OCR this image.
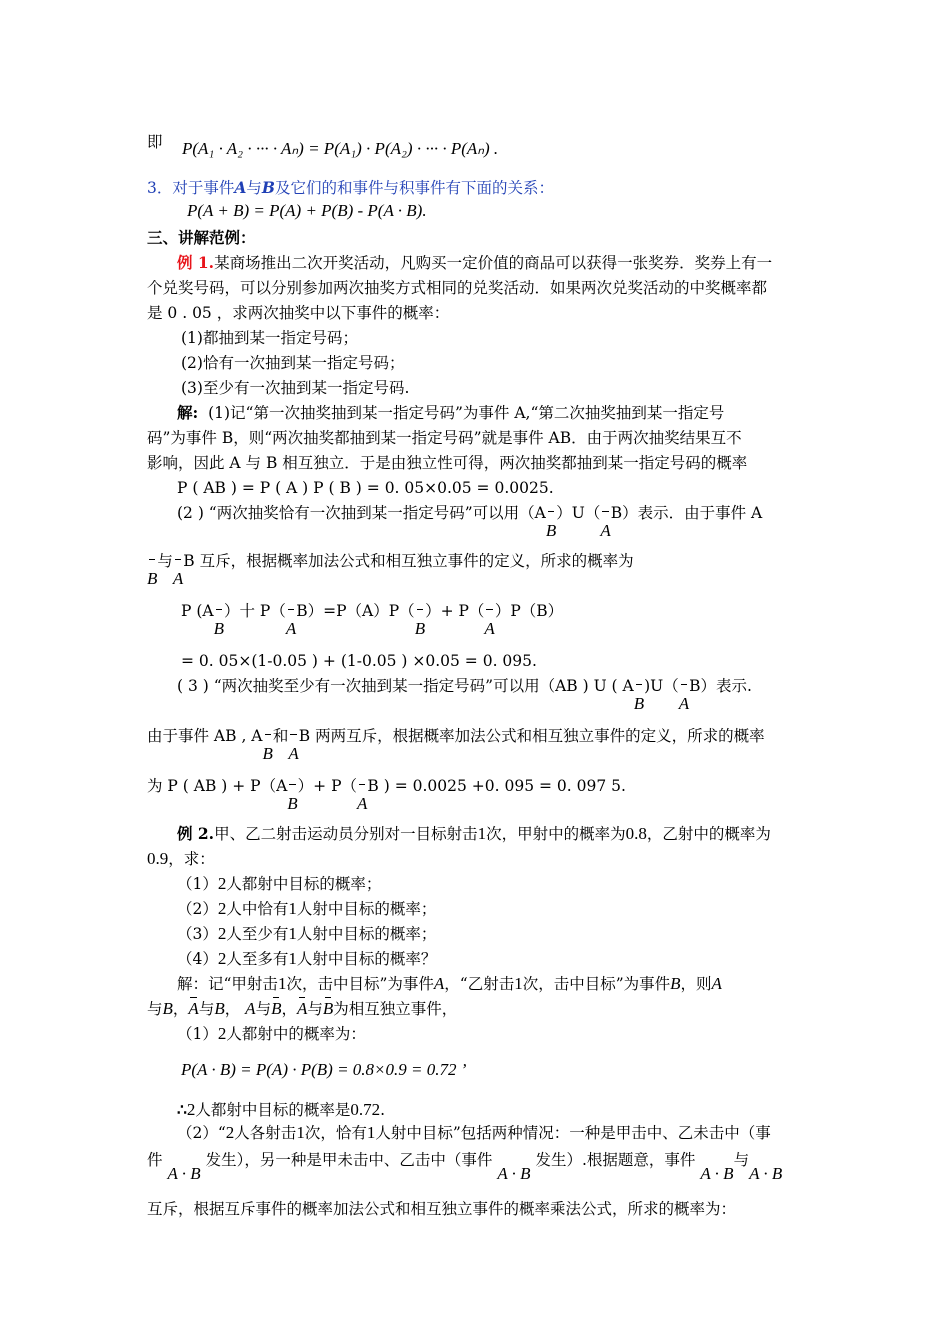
即 P(A₁ · A₂ · ··· · Aₙ) = P(A₁) · P(A₂) · ··· · P(Aₙ) .
3．对于事件A与B及它们的和事件与积事件有下面的关系：
P(A + B) = P(A) + P(B) - P(A · B).
三、讲解范例：
例 1.某商场推出二次开奖活动，凡购买一定价值的商品可以获得一张奖券．奖券上有一
个兑奖号码，可以分别参加两次抽奖方式相同的兑奖活动．如果两次兑奖活动的中奖概率都
是 0 . 05 ，求两次抽奖中以下事件的概率：
(1)都抽到某一指定号码；
(2)恰有一次抽到某一指定号码；
(3)至少有一次抽到某一指定号码.
解: (1)记“第一次抽奖抽到某一指定号码”为事件 A,“第二次抽奖抽到某一指定号
码”为事件 B，则“两次抽奖都抽到某一指定号码”就是事件 AB．由于两次抽奖结果互不
影响，因此 A 与 B 相互独立．于是由独立性可得，两次抽奖都抽到某一指定号码的概率
P ( AB ) = P ( A ) P ( B ) = 0. 05×0.05 = 0.0025.
(2 ) “两次抽奖恰有一次抽到某一指定号码”可以用（AB
）U（A
B）表示．由于事件 A
B
与A
B 互斥，根据概率加法公式和相互独立事件的定义，所求的概率为
P (AB
）十 P（A
B）=P（A）P（B
）+ P（A
）P（B）
= 0. 05×(1-0.05 ) + (1-0.05 ) ×0.05 = 0. 095.
( 3 ) “两次抽奖至少有一次抽到某一指定号码”可以用（AB ) U ( AB
)U（A
B）表示.
由于事件 AB , AB
和A
B 两两互斥，根据概率加法公式和相互独立事件的定义，所求的概率
为 P ( AB ) + P（AB
）+ P（A
B ) = 0.0025 +0. 095 = 0. 097 5.
例 2.甲、乙二射击运动员分别对一目标射击1次，甲射中的概率为0.8，乙射中的概率为
0.9，求：
（1）2人都射中目标的概率；
（2）2人中恰有1人射中目标的概率；
（3）2人至少有1人射中目标的概率；
（4）2人至多有1人射中目标的概率？
解：记“甲射击1次，击中目标”为事件A，“乙射击1次，击中目标”为事件B，则A
与B，A
与B， A与B
，A
与B
为相互独立事件，
（1）2人都射中的概率为：
P(A · B) = P(A) · P(B) = 0.8×0.9 = 0.72 ’
∴2人都射中目标的概率是0.72.
（2）“2人各射击1次，恰有1人射中目标”包括两种情况：一种是甲击中、乙未击中（事
件 A · B 发生），另一种是甲未击中、乙击中（事件 A · B 发生）.根据题意，事件 A · B与A · B
互斥，根据互斥事件的概率加法公式和相互独立事件的概率乘法公式，所求的概率为：
